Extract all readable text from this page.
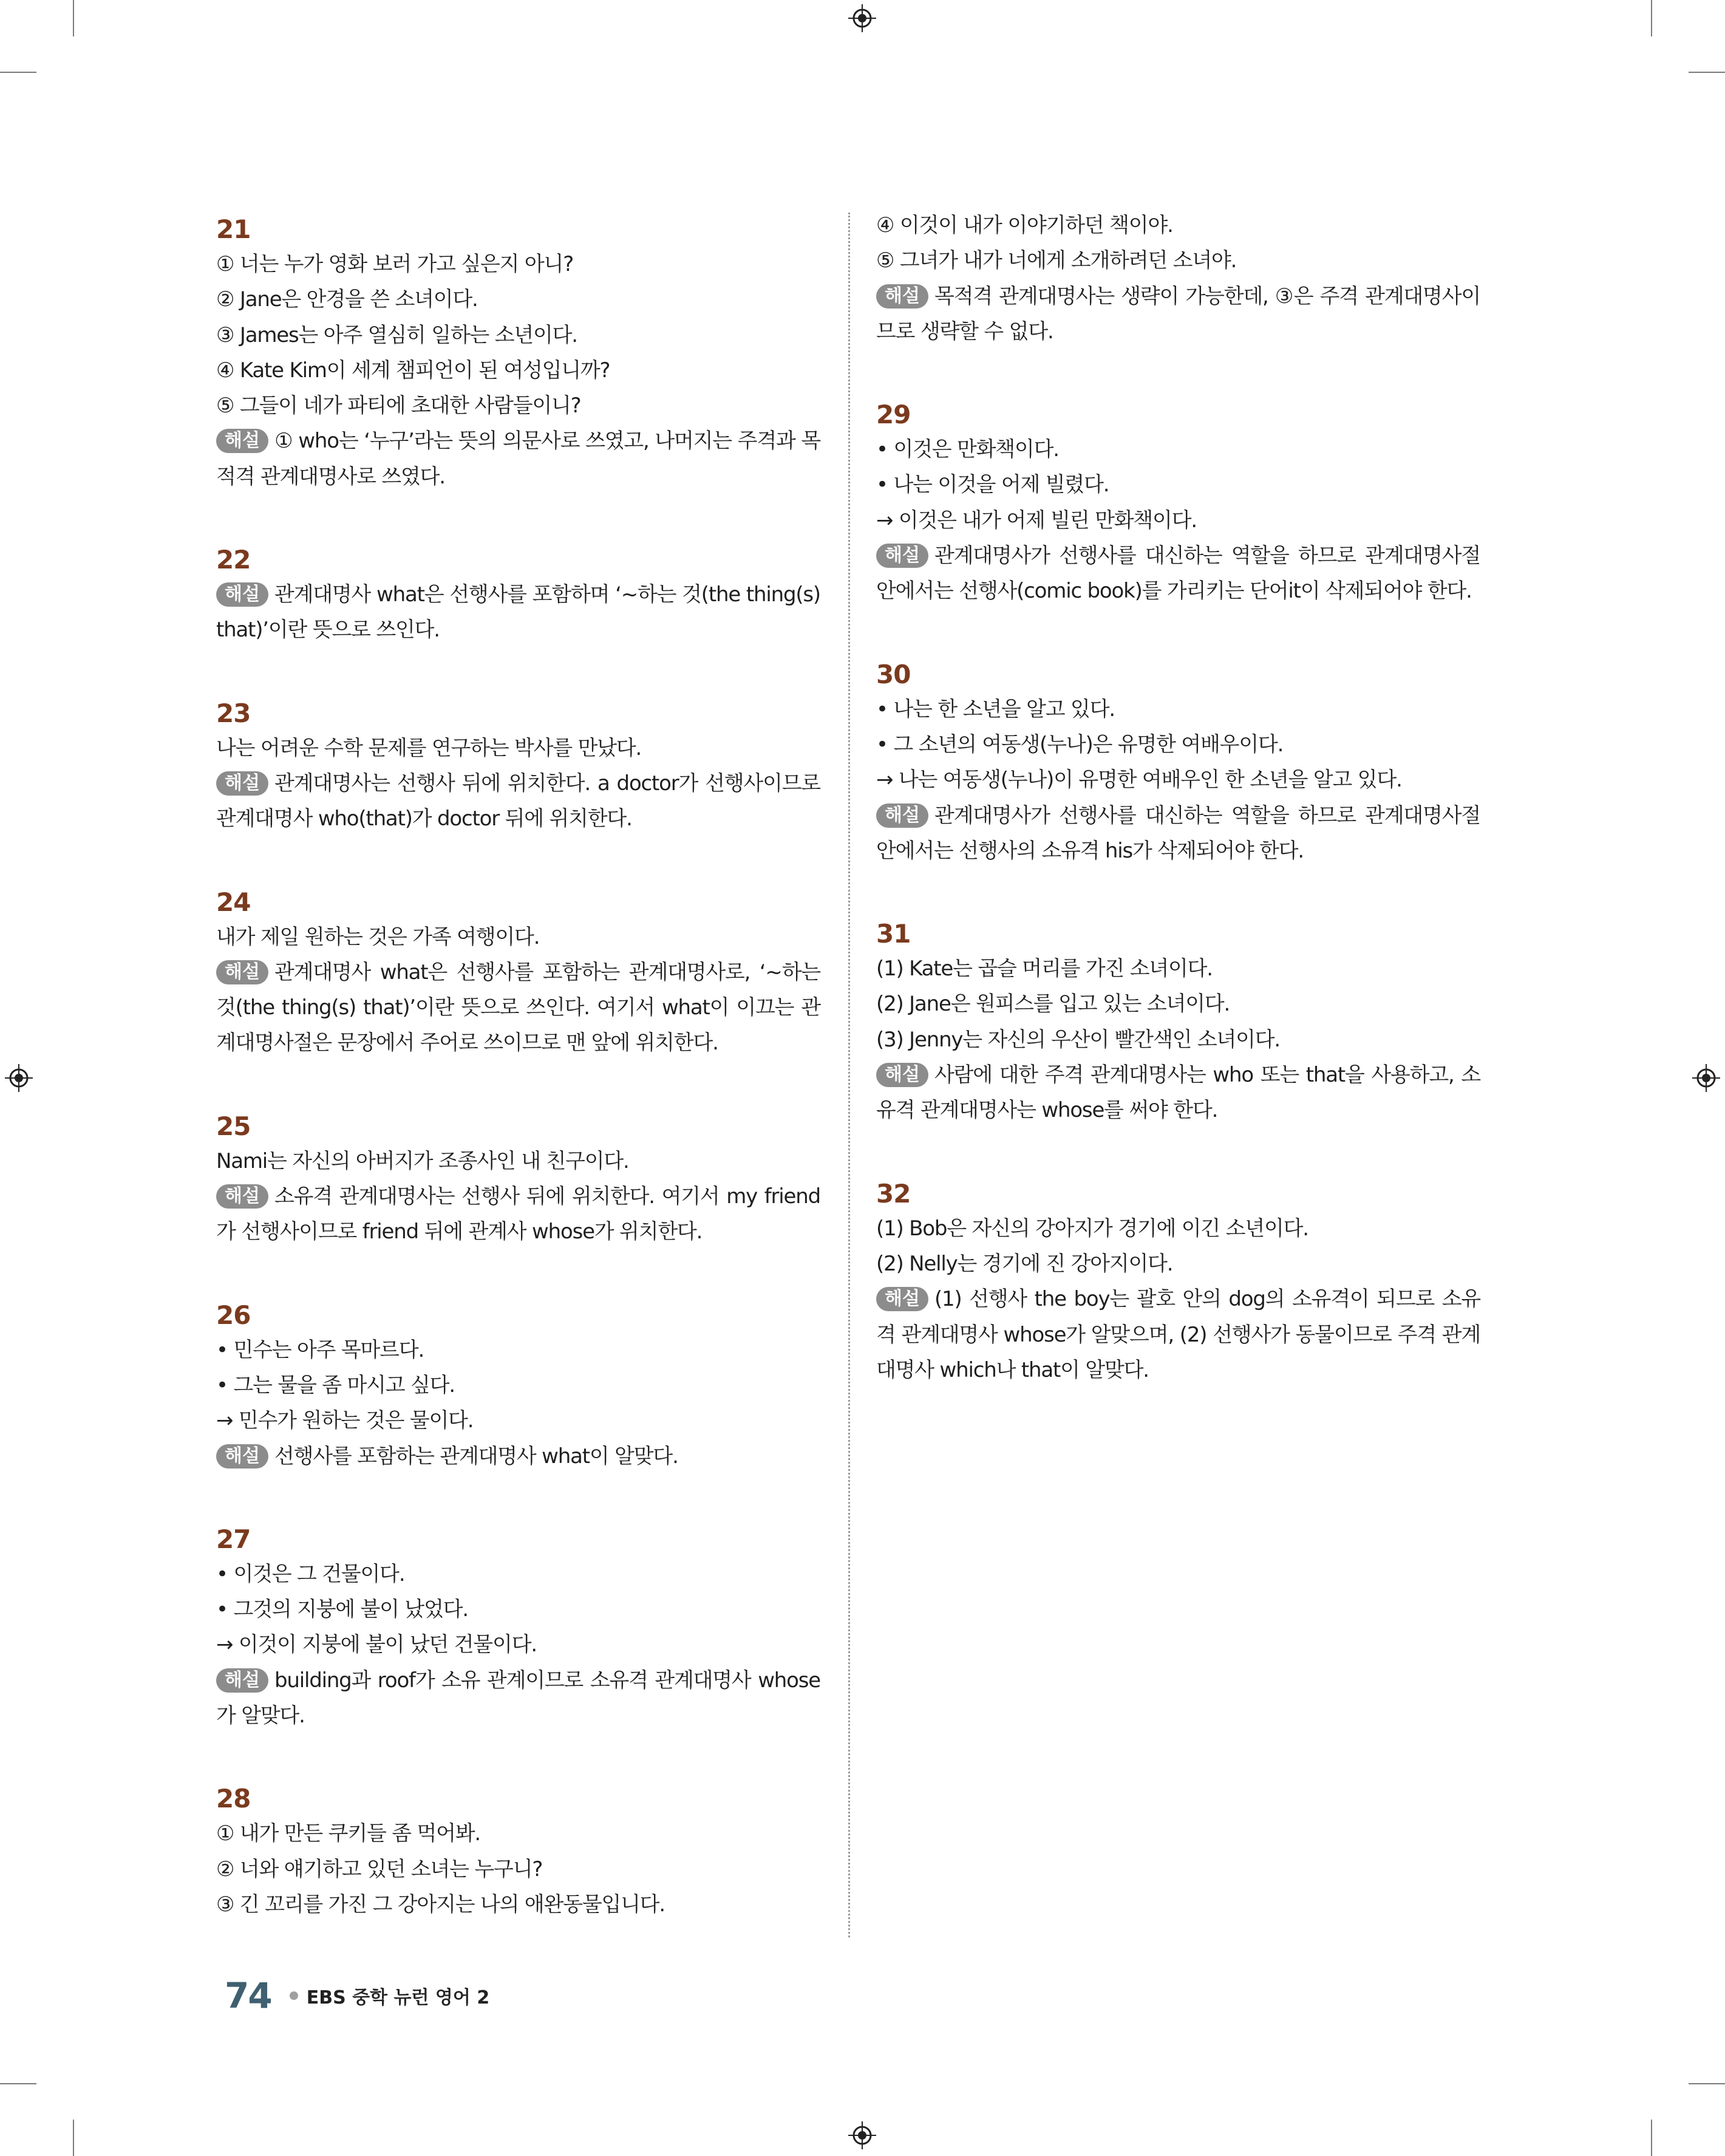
21
① 너는 누가 영화 보러 가고 싶은지 아니?
② Jane은 안경을 쓴 소녀이다.
③ James는 아주 열심히 일하는 소년이다.
④ Kate Kim이 세계 챔피언이 된 여성입니까?
⑤ 그들이 네가 파티에 초대한 사람들이니?
해설 ① who는 ‘누구’라는 뜻의 의문사로 쓰였고, 나머지는 주격과 목적격 관계대명사로 쓰였다.
22
해설 관계대명사 what은 선행사를 포함하며 ‘~하는 것(the thing(s) that)’이란 뜻으로 쓰인다.
23
나는 어려운 수학 문제를 연구하는 박사를 만났다.
해설 관계대명사는 선행사 뒤에 위치한다. a doctor가 선행사이므로 관계대명사 who(that)가 doctor 뒤에 위치한다.
24
내가 제일 원하는 것은 가족 여행이다.
해설 관계대명사 what은 선행사를 포함하는 관계대명사로, ‘~하는 것(the thing(s) that)’이란 뜻으로 쓰인다. 여기서 what이 이끄는 관계대명사절은 문장에서 주어로 쓰이므로 맨 앞에 위치한다.
25
Nami는 자신의 아버지가 조종사인 내 친구이다.
해설 소유격 관계대명사는 선행사 뒤에 위치한다. 여기서 my friend가 선행사이므로 friend 뒤에 관계사 whose가 위치한다.
26
• 민수는 아주 목마르다.
• 그는 물을 좀 마시고 싶다.
→ 민수가 원하는 것은 물이다.
해설 선행사를 포함하는 관계대명사 what이 알맞다.
27
• 이것은 그 건물이다.
• 그것의 지붕에 불이 났었다.
→ 이것이 지붕에 불이 났던 건물이다.
해설 building과 roof가 소유 관계이므로 소유격 관계대명사 whose가 알맞다.
28
① 내가 만든 쿠키들 좀 먹어봐.
② 너와 얘기하고 있던 소녀는 누구니?
③ 긴 꼬리를 가진 그 강아지는 나의 애완동물입니다.
④ 이것이 내가 이야기하던 책이야.
⑤ 그녀가 내가 너에게 소개하려던 소녀야.
해설 목적격 관계대명사는 생략이 가능한데, ③은 주격 관계대명사이므로 생략할 수 없다.
29
• 이것은 만화책이다.
• 나는 이것을 어제 빌렸다.
→ 이것은 내가 어제 빌린 만화책이다.
해설 관계대명사가 선행사를 대신하는 역할을 하므로 관계대명사절 안에서는 선행사(comic book)를 가리키는 단어it이 삭제되어야 한다.
30
• 나는 한 소년을 알고 있다.
• 그 소년의 여동생(누나)은 유명한 여배우이다.
→ 나는 여동생(누나)이 유명한 여배우인 한 소년을 알고 있다.
해설 관계대명사가 선행사를 대신하는 역할을 하므로 관계대명사절 안에서는 선행사의 소유격 his가 삭제되어야 한다.
31
(1) Kate는 곱슬 머리를 가진 소녀이다.
(2) Jane은 원피스를 입고 있는 소녀이다.
(3) Jenny는 자신의 우산이 빨간색인 소녀이다.
해설 사람에 대한 주격 관계대명사는 who 또는 that을 사용하고, 소유격 관계대명사는 whose를 써야 한다.
32
(1) Bob은 자신의 강아지가 경기에 이긴 소년이다.
(2) Nelly는 경기에 진 강아지이다.
해설 (1) 선행사 the boy는 괄호 안의 dog의 소유격이 되므로 소유격 관계대명사 whose가 알맞으며, (2) 선행사가 동물이므로 주격 관계대명사 which나 that이 알맞다.
74 EBS 중학 뉴런 영어 2
